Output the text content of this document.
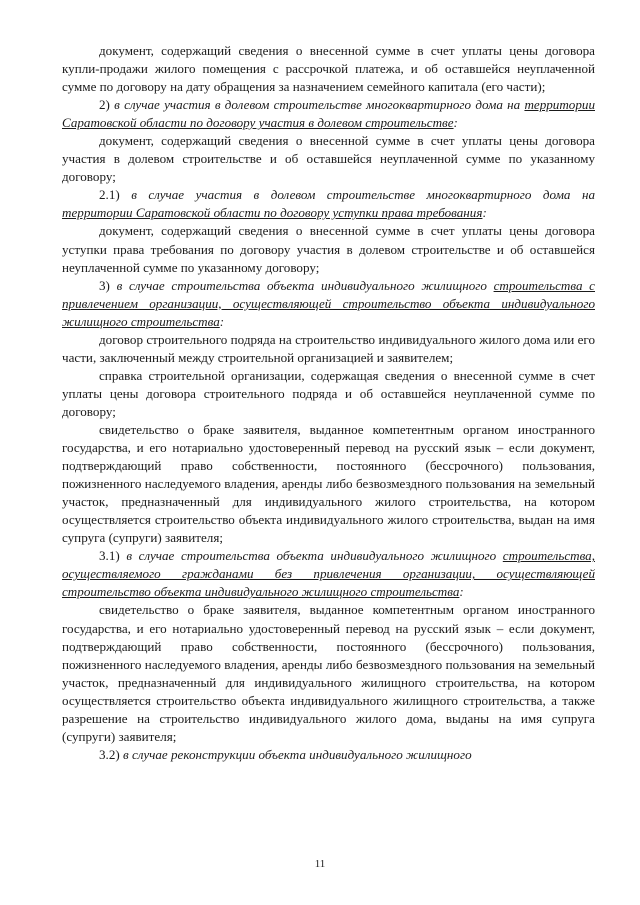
документ, содержащий сведения о внесенной сумме в счет уплаты цены договора купли-продажи жилого помещения с рассрочкой платежа, и об оставшейся неуплаченной сумме по договору на дату обращения за назначением семейного капитала (его части);

2) в случае участия в долевом строительстве многоквартирного дома на территории Саратовской области по договору участия в долевом строительстве:

документ, содержащий сведения о внесенной сумме в счет уплаты цены договора участия в долевом строительстве и об оставшейся неуплаченной сумме по указанному договору;

2.1) в случае участия в долевом строительстве многоквартирного дома на территории Саратовской области по договору уступки права требования:

документ, содержащий сведения о внесенной сумме в счет уплаты цены договора уступки права требования по договору участия в долевом строительстве и об оставшейся неуплаченной сумме по указанному договору;

3) в случае строительства объекта индивидуального жилищного строительства с привлечением организации, осуществляющей строительство объекта индивидуального жилищного строительства:

договор строительного подряда на строительство индивидуального жилого дома или его части, заключенный между строительной организацией и заявителем;

справка строительной организации, содержащая сведения о внесенной сумме в счет уплаты цены договора строительного подряда и об оставшейся неуплаченной сумме по договору;

свидетельство о браке заявителя, выданное компетентным органом иностранного государства, и его нотариально удостоверенный перевод на русский язык – если документ, подтверждающий право собственности, постоянного (бессрочного) пользования, пожизненного наследуемого владения, аренды либо безвозмездного пользования на земельный участок, предназначенный для индивидуального жилого строительства, на котором осуществляется строительство объекта индивидуального жилого строительства, выдан на имя супруга (супруги) заявителя;

3.1) в случае строительства объекта индивидуального жилищного строительства, осуществляемого гражданами без привлечения организации, осуществляющей строительство объекта индивидуального жилищного строительства:

свидетельство о браке заявителя, выданное компетентным органом иностранного государства, и его нотариально удостоверенный перевод на русский язык – если документ, подтверждающий право собственности, постоянного (бессрочного) пользования, пожизненного наследуемого владения, аренды либо безвозмездного пользования на земельный участок, предназначенный для индивидуального жилищного строительства, на котором осуществляется строительство объекта индивидуального жилищного строительства, а также разрешение на строительство индивидуального жилого дома, выданы на имя супруга (супруги) заявителя;

3.2) в случае реконструкции объекта индивидуального жилищного

11
